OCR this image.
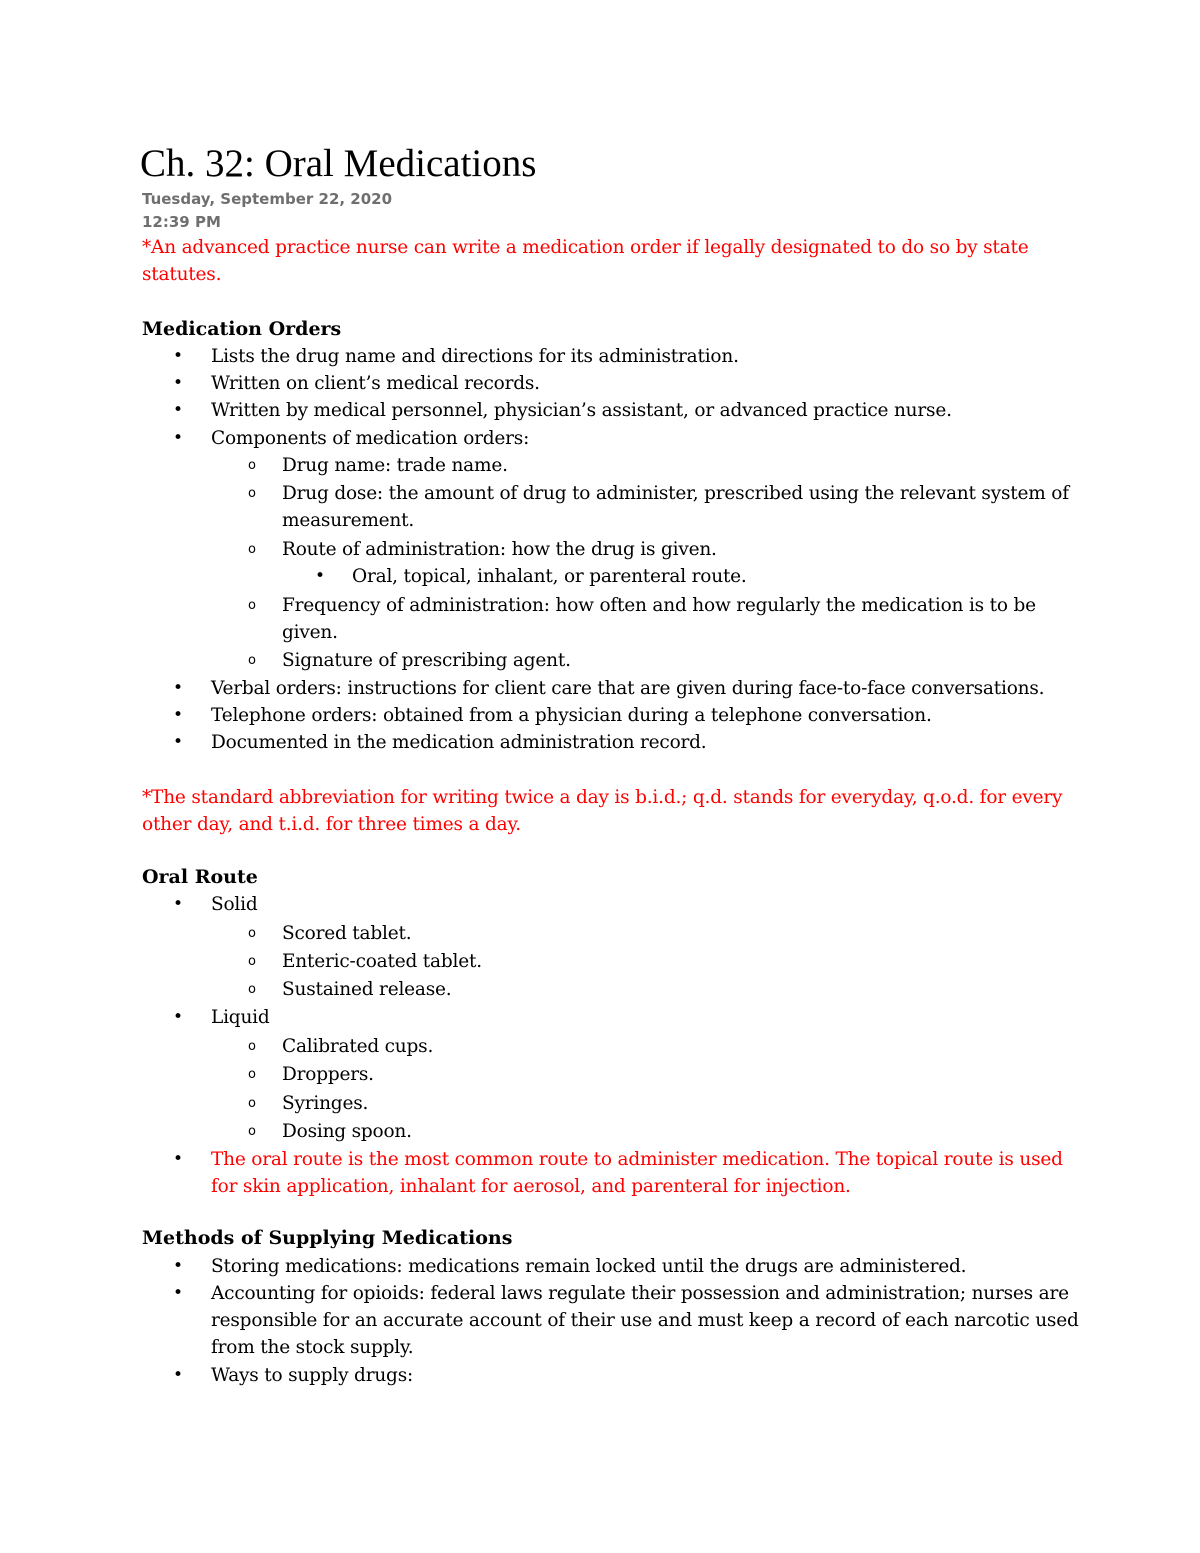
Ch. 32: Oral Medications
Tuesday, September 22, 2020
12:39 PM
*An advanced practice nurse can write a medication order if legally designated to do so by state statutes.
Medication Orders
• Lists the drug name and directions for its administration.
• Written on client’s medical records.
• Written by medical personnel, physician’s assistant, or advanced practice nurse.
• Components of medication orders:
o Drug name: trade name.
o Drug dose: the amount of drug to administer, prescribed using the relevant system of measurement.
o Route of administration: how the drug is given.
• Oral, topical, inhalant, or parenteral route.
o Frequency of administration: how often and how regularly the medication is to be given.
o Signature of prescribing agent.
• Verbal orders: instructions for client care that are given during face-to-face conversations.
• Telephone orders: obtained from a physician during a telephone conversation.
• Documented in the medication administration record.
*The standard abbreviation for writing twice a day is b.i.d.; q.d. stands for everyday, q.o.d. for every other day, and t.i.d. for three times a day.
Oral Route
• Solid
o Scored tablet.
o Enteric-coated tablet.
o Sustained release.
• Liquid
o Calibrated cups.
o Droppers.
o Syringes.
o Dosing spoon.
• The oral route is the most common route to administer medication. The topical route is used for skin application, inhalant for aerosol, and parenteral for injection.
Methods of Supplying Medications
• Storing medications: medications remain locked until the drugs are administered.
• Accounting for opioids: federal laws regulate their possession and administration; nurses are responsible for an accurate account of their use and must keep a record of each narcotic used from the stock supply.
• Ways to supply drugs:
